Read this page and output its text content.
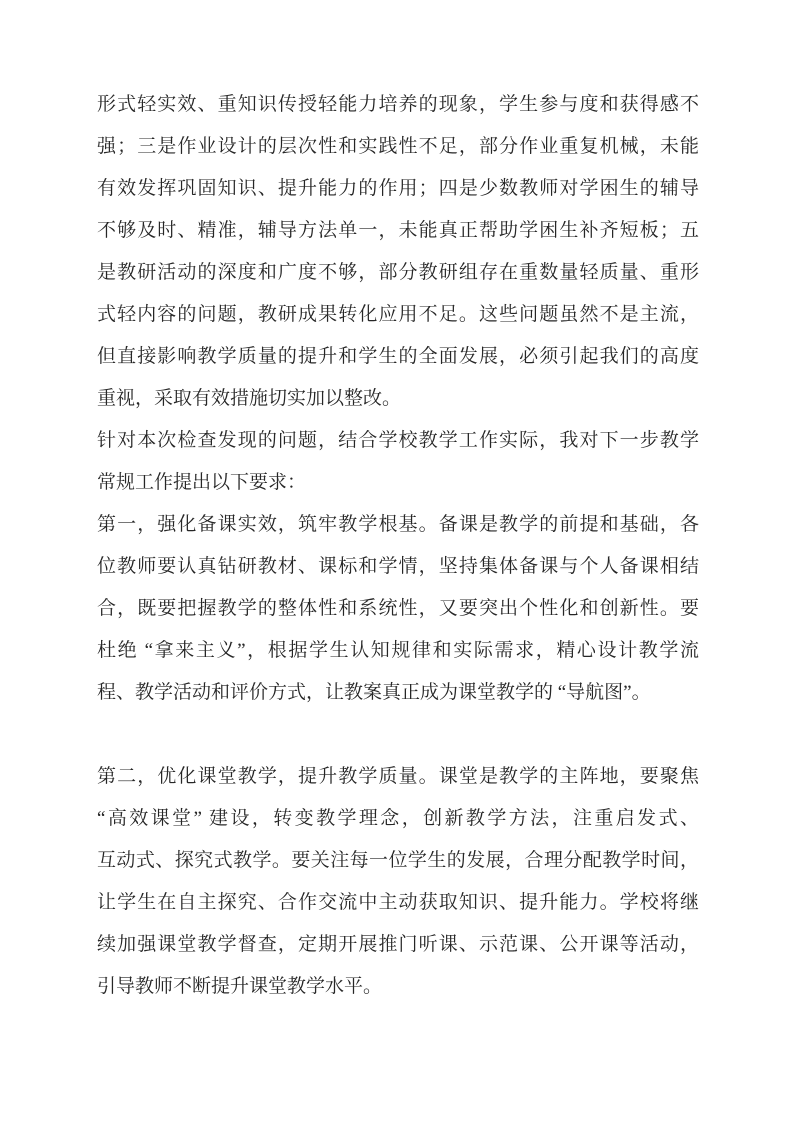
形式轻实效、重知识传授轻能力培养的现象，学生参与度和获得感不
强；三是作业设计的层次性和实践性不足，部分作业重复机械，未能
有效发挥巩固知识、提升能力的作用；四是少数教师对学困生的辅导
不够及时、精准，辅导方法单一，未能真正帮助学困生补齐短板；五
是教研活动的深度和广度不够，部分教研组存在重数量轻质量、重形
式轻内容的问题，教研成果转化应用不足。这些问题虽然不是主流，
但直接影响教学质量的提升和学生的全面发展，必须引起我们的高度
重视，采取有效措施切实加以整改。
针对本次检查发现的问题，结合学校教学工作实际，我对下一步教学
常规工作提出以下要求：
第一，强化备课实效，筑牢教学根基。备课是教学的前提和基础，各
位教师要认真钻研教材、课标和学情，坚持集体备课与个人备课相结
合，既要把握教学的整体性和系统性，又要突出个性化和创新性。要
杜绝 “拿来主义”，根据学生认知规律和实际需求，精心设计教学流
程、教学活动和评价方式，让教案真正成为课堂教学的 “导航图”。

第二，优化课堂教学，提升教学质量。课堂是教学的主阵地，要聚焦
“高效课堂” 建设，转变教学理念，创新教学方法，注重启发式、
互动式、探究式教学。要关注每一位学生的发展，合理分配教学时间，
让学生在自主探究、合作交流中主动获取知识、提升能力。学校将继
续加强课堂教学督查，定期开展推门听课、示范课、公开课等活动，
引导教师不断提升课堂教学水平。
